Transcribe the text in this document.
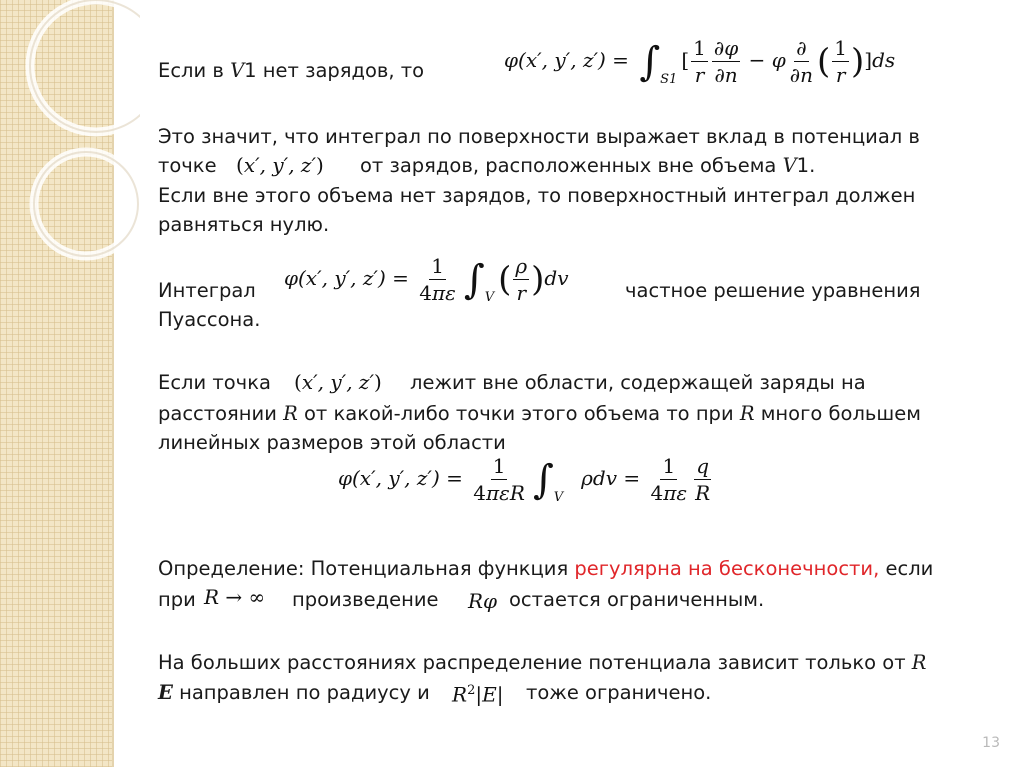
Если в V1 нет зарядов, то	φ(x′, y′, $z') = \int_{S1}[ \frac{1}{r} \frac{\partial\varphi}{\partial n} - \varphi \frac{\partial}{\partial n}$ ( $\frac{1}{r} )]ds$
Это значит, что интеграл по поверхности выражает вклад в потенциал в
точке (x′, y′, z′) от зарядов, расположенных вне объема V1.
Если вне этого объема нет зарядов, то поверхностный интеграл должен
равняться нулю.
Интеграл
φ(x′, y′, $z') = \frac{1}{4\pi\varepsilon} \int_V$ ( $\frac{\rho}{r} )dv$
частное решение уравнения
Пуассона.
Если точка (x′, y′, z′) лежит вне области, содержащей заряды на
расстоянии R от какой-либо точки этого объема то при R много большем
линейных размеров этой области
φ(x′, y′, $z') = \frac{1}{\text{4πεR}} \int_V\rho dv = \frac{1}{4\pi\varepsilon} \frac{q}{R}$
Определение: Потенциальная функция регулярна на бесконечности, если
при R → ∞ произведение Rφ остается ограниченным.
На больших расстояниях распределение потенциала зависит только от R
E направлен по радиусу и $R^2|E|$ тоже ограничено.
13
